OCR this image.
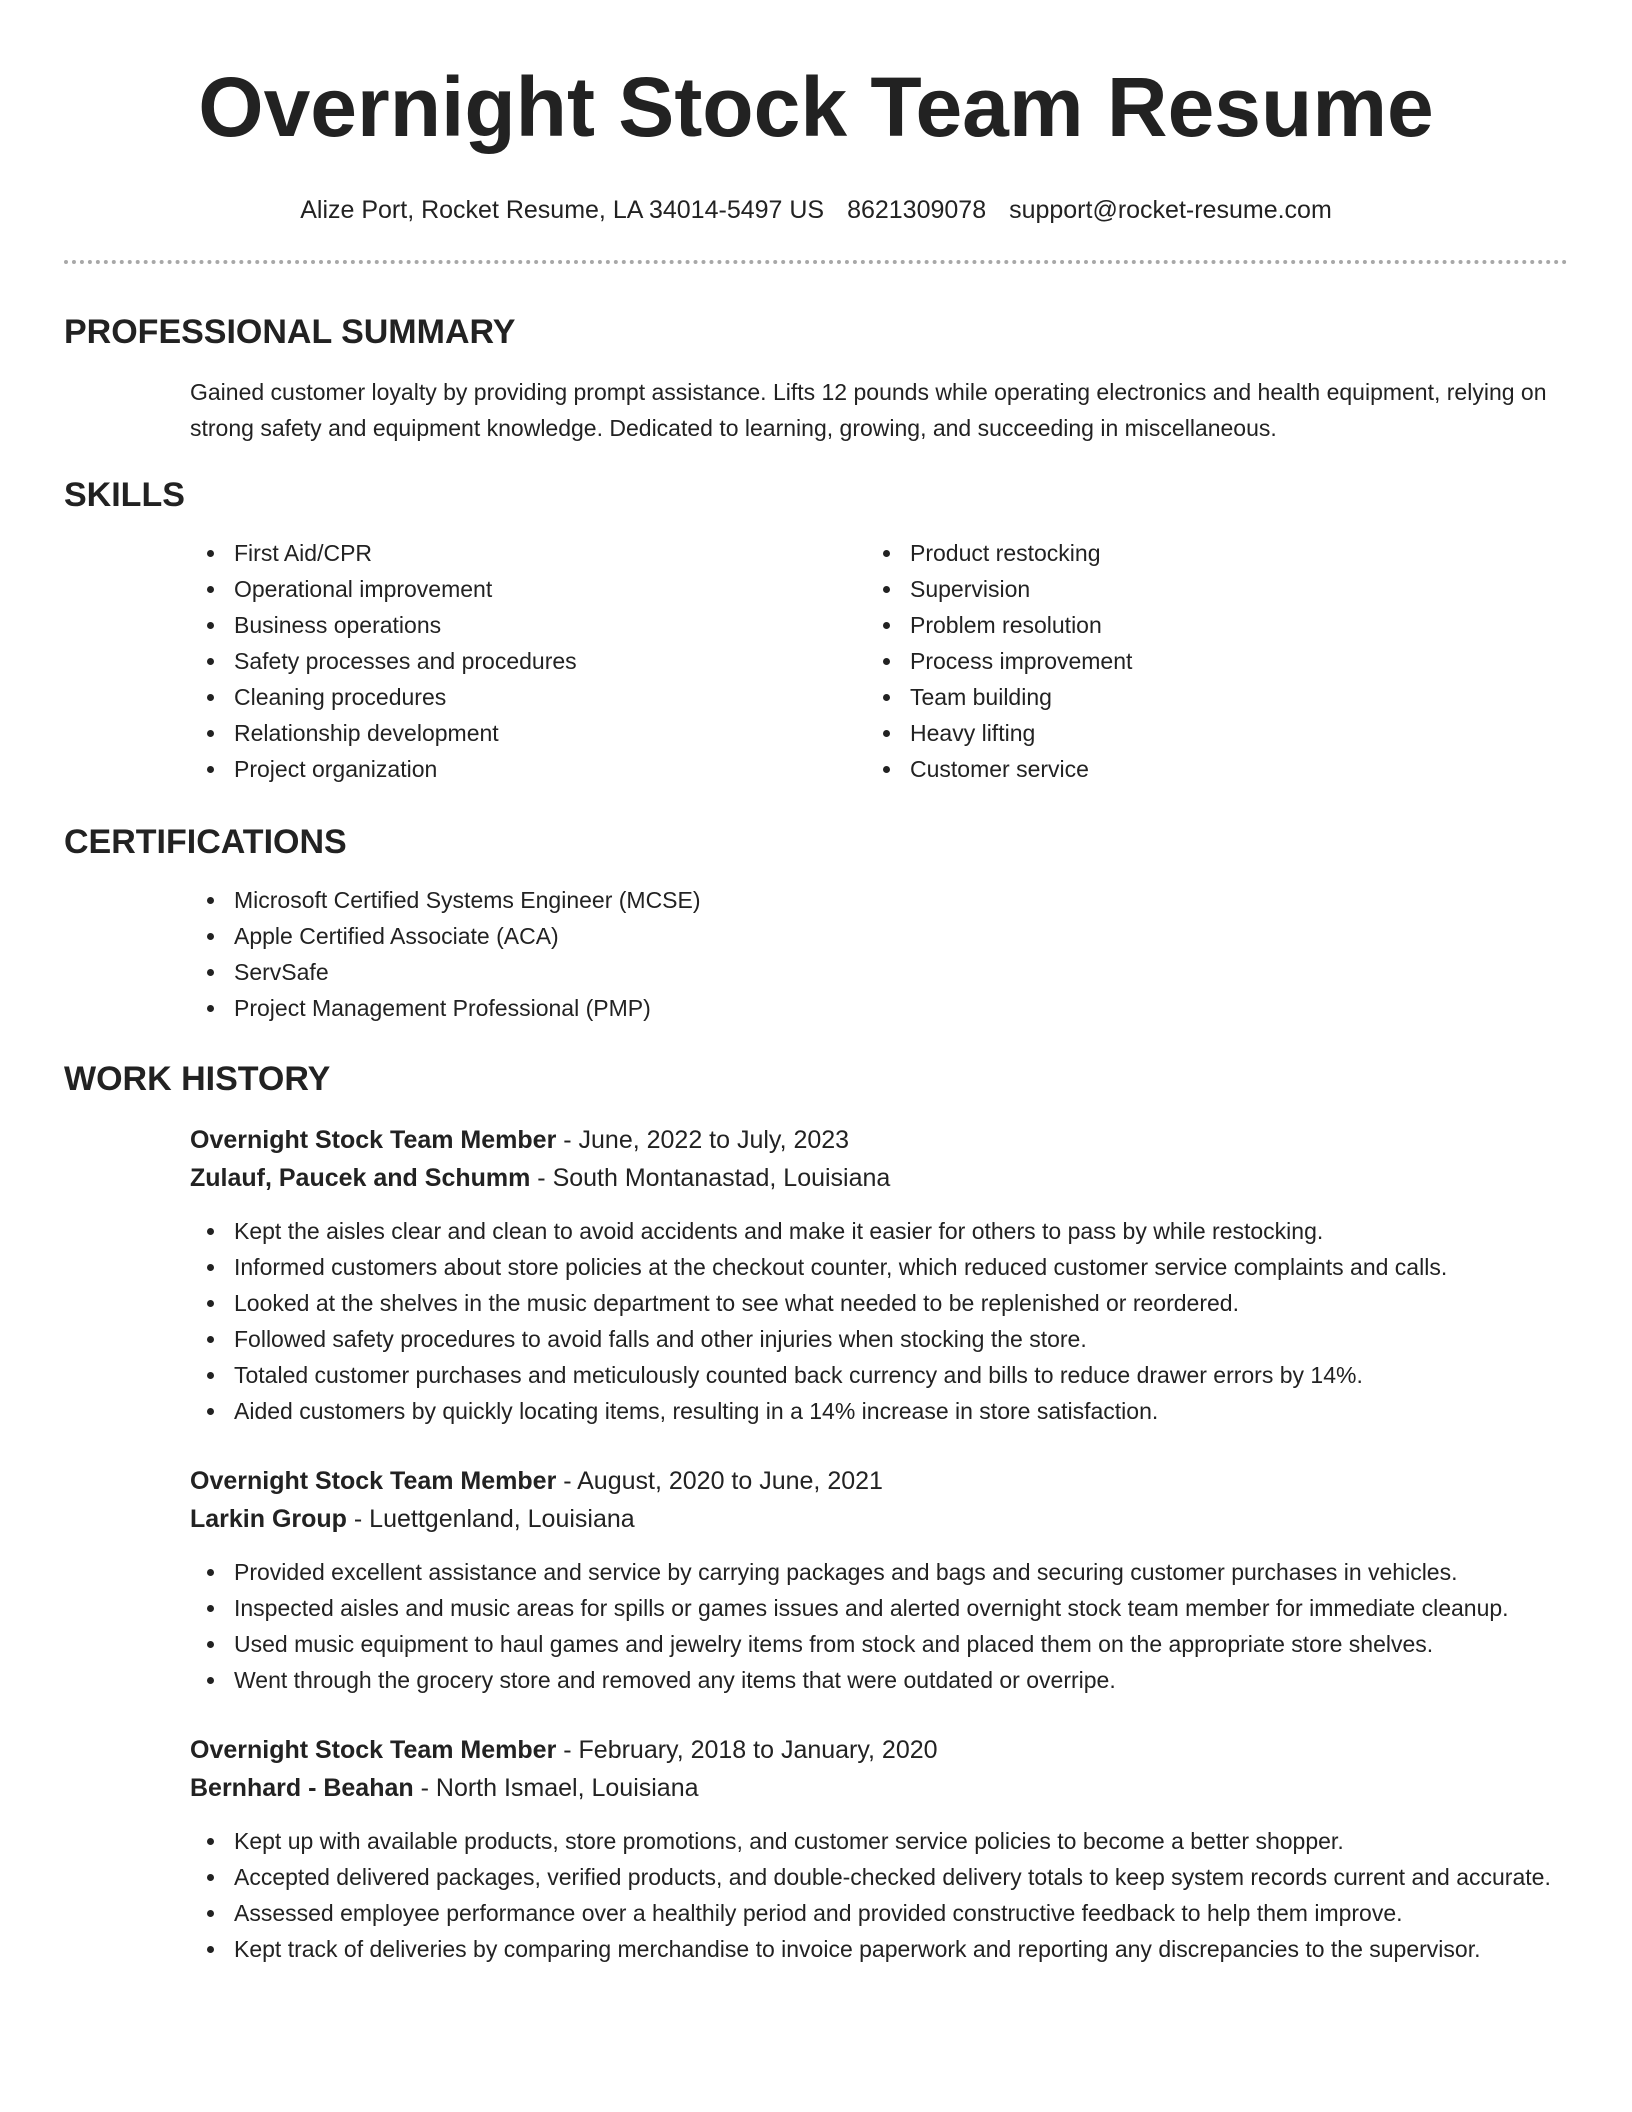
Overnight Stock Team Resume
Alize Port, Rocket Resume, LA 34014-5497 US 8621309078 support@rocket-resume.com
PROFESSIONAL SUMMARY

Gained customer loyalty by providing prompt assistance. Lifts 12 pounds while operating electronics and health equipment, relying on strong safety and equipment knowledge. Dedicated to learning, growing, and succeeding in miscellaneous.

SKILLS
First Aid/CPR
Operational improvement
Business operations
Safety processes and procedures
Cleaning procedures
Relationship development
Project organization
Product restocking
Supervision
Problem resolution
Process improvement
Team building
Heavy lifting
Customer service
CERTIFICATIONS
Microsoft Certified Systems Engineer (MCSE)
Apple Certified Associate (ACA)
ServSafe
Project Management Professional (PMP)
WORK HISTORY
Overnight Stock Team Member - June, 2022 to July, 2023
Zulauf, Paucek and Schumm - South Montanastad, Louisiana
Kept the aisles clear and clean to avoid accidents and make it easier for others to pass by while restocking.
Informed customers about store policies at the checkout counter, which reduced customer service complaints and calls.
Looked at the shelves in the music department to see what needed to be replenished or reordered.
Followed safety procedures to avoid falls and other injuries when stocking the store.
Totaled customer purchases and meticulously counted back currency and bills to reduce drawer errors by 14%.
Aided customers by quickly locating items, resulting in a 14% increase in store satisfaction.
Overnight Stock Team Member - August, 2020 to June, 2021
Larkin Group - Luettgenland, Louisiana
Provided excellent assistance and service by carrying packages and bags and securing customer purchases in vehicles.
Inspected aisles and music areas for spills or games issues and alerted overnight stock team member for immediate cleanup.
Used music equipment to haul games and jewelry items from stock and placed them on the appropriate store shelves.
Went through the grocery store and removed any items that were outdated or overripe.
Overnight Stock Team Member - February, 2018 to January, 2020
Bernhard - Beahan - North Ismael, Louisiana
Kept up with available products, store promotions, and customer service policies to become a better shopper.
Accepted delivered packages, verified products, and double-checked delivery totals to keep system records current and accurate.
Assessed employee performance over a healthily period and provided constructive feedback to help them improve.
Kept track of deliveries by comparing merchandise to invoice paperwork and reporting any discrepancies to the supervisor.
